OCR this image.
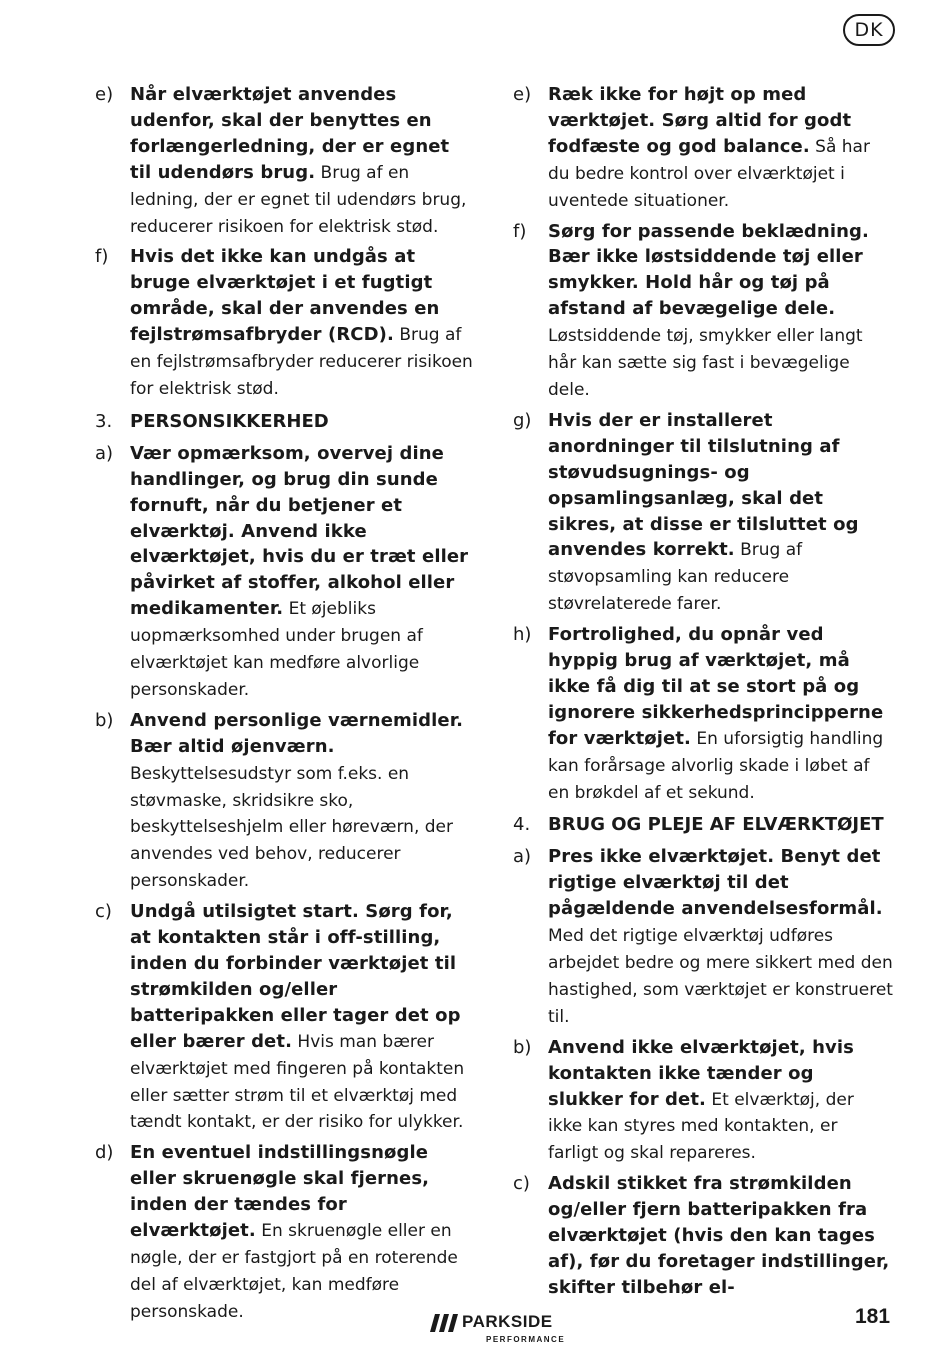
DK
e) Når elværktøjet anvendes udenfor, skal der benyttes en forlængerledning, der er egnet til udendørs brug. Brug af en ledning, der er egnet til udendørs brug, reducerer risikoen for elektrisk stød.
f) Hvis det ikke kan undgås at bruge elværktøjet i et fugtigt område, skal der anvendes en fejlstrømsafbryder (RCD). Brug af en fejlstrømsafbryder reducerer risikoen for elektrisk stød.
3. PERSONSIKKERHED
a) Vær opmærksom, overvej dine handlinger, og brug din sunde fornuft, når du betjener et elværktøj. Anvend ikke elværktøjet, hvis du er træt eller påvirket af stoffer, alkohol eller medikamenter. Et øjebliks uopmærksomhed under brugen af elværktøjet kan medføre alvorlige personskader.
b) Anvend personlige værnemidler. Bær altid øjenværn. Beskyttelsesudstyr som f.eks. en støvmaske, skridsikre sko, beskyttelseshjelm eller høreværn, der anvendes ved behov, reducerer personskader.
c) Undgå utilsigtet start. Sørg for, at kontakten står i off-stilling, inden du forbinder værktøjet til strømkilden og/eller batteripakken eller tager det op eller bærer det. Hvis man bærer elværktøjet med fingeren på kontakten eller sætter strøm til et elværktøj med tændt kontakt, er der risiko for ulykker.
d) En eventuel indstillingsnøgle eller skruenøgle skal fjernes, inden der tændes for elværktøjet. En skruenøgle eller en nøgle, der er fastgjort på en roterende del af elværktøjet, kan medføre personskade.
e) Ræk ikke for højt op med værktøjet. Sørg altid for godt fodfæste og god balance. Så har du bedre kontrol over elværktøjet i uventede situationer.
f) Sørg for passende beklædning. Bær ikke løstsiddende tøj eller smykker. Hold hår og tøj på afstand af bevægelige dele. Løstsiddende tøj, smykker eller langt hår kan sætte sig fast i bevægelige dele.
g) Hvis der er installeret anordninger til tilslutning af støvudsugnings- og opsamlingsanlæg, skal det sikres, at disse er tilsluttet og anvendes korrekt. Brug af støvopsamling kan reducere støvrelaterede farer.
h) Fortrolighed, du opnår ved hyppig brug af værktøjet, må ikke få dig til at se stort på og ignorere sikkerhedsprincipperne for værktøjet. En uforsigtig handling kan forårsage alvorlig skade i løbet af en brøkdel af et sekund.
4. BRUG OG PLEJE AF ELVÆRKTØJET
a) Pres ikke elværktøjet. Benyt det rigtige elværktøj til det pågældende anvendelsesformål. Med det rigtige elværktøj udføres arbejdet bedre og mere sikkert med den hastighed, som værktøjet er konstrueret til.
b) Anvend ikke elværktøjet, hvis kontakten ikke tænder og slukker for det. Et elværktøj, der ikke kan styres med kontakten, er farligt og skal repareres.
c) Adskil stikket fra strømkilden og/eller fjern batteripakken fra elværktøjet (hvis den kan tages af), før du foretager indstillinger, skifter tilbehør el-
PARKSIDE
PERFORMANCE
181
